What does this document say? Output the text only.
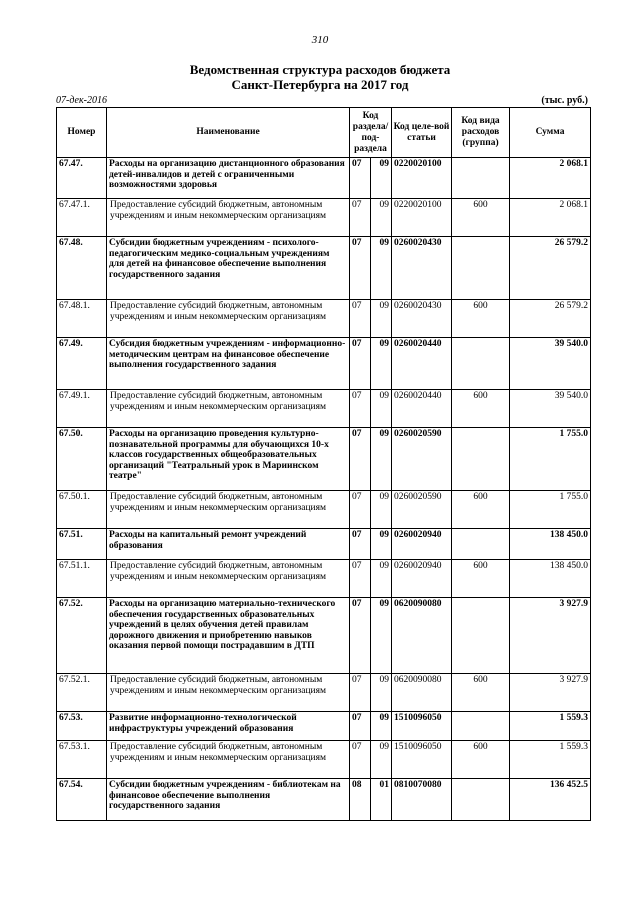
310
Ведомственная структура расходов бюджета
Санкт-Петербурга на 2017 год
07-дек-2016	(тыс. руб.)
Номер	Наименование	Код раздела/ под-раздела		Код целе-вой статьи	Код вида расходов (группа)	Сумма
67.47.	Расходы на организацию дистанционного образования детей-инвалидов и детей с ограниченными возможностями здоровья	07	09	0220020100		2 068.1
67.47.1.	Предоставление субсидий бюджетным, автономным учреждениям и иным некоммерческим организациям	07	09	0220020100	600	2 068.1
67.48.	Субсидии бюджетным учреждениям - психолого-педагогическим медико-социальным учреждениям для детей на финансовое обеспечение выполнения государственного задания	07	09	0260020430		26 579.2
67.48.1.	Предоставление субсидий бюджетным, автономным учреждениям и иным некоммерческим организациям	07	09	0260020430	600	26 579.2
67.49.	Субсидия бюджетным учреждениям - информационно-методическим центрам на финансовое обеспечение выполнения государственного задания	07	09	0260020440		39 540.0
67.49.1.	Предоставление субсидий бюджетным, автономным учреждениям и иным некоммерческим организациям	07	09	0260020440	600	39 540.0
67.50.	Расходы на организацию проведения культурно-познавательной программы для обучающихся 10-х классов государственных общеобразовательных организаций "Театральный урок в Мариинском театре"	07	09	0260020590		1 755.0
67.50.1.	Предоставление субсидий бюджетным, автономным учреждениям и иным некоммерческим организациям	07	09	0260020590	600	1 755.0
67.51.	Расходы на капитальный ремонт учреждений образования	07	09	0260020940		138 450.0
67.51.1.	Предоставление субсидий бюджетным, автономным учреждениям и иным некоммерческим организациям	07	09	0260020940	600	138 450.0
67.52.	Расходы на организацию материально-технического обеспечения государственных образовательных учреждений в целях обучения детей правилам дорожного движения и приобретению навыков оказания первой помощи пострадавшим в ДТП	07	09	0620090080		3 927.9
67.52.1.	Предоставление субсидий бюджетным, автономным учреждениям и иным некоммерческим организациям	07	09	0620090080	600	3 927.9
67.53.	Развитие информационно-технологической инфраструктуры учреждений образования	07	09	1510096050		1 559.3
67.53.1.	Предоставление субсидий бюджетным, автономным учреждениям и иным некоммерческим организациям	07	09	1510096050	600	1 559.3
67.54.	Субсидии бюджетным учреждениям - библиотекам на финансовое обеспечение выполнения государственного задания	08	01	0810070080		136 452.5
